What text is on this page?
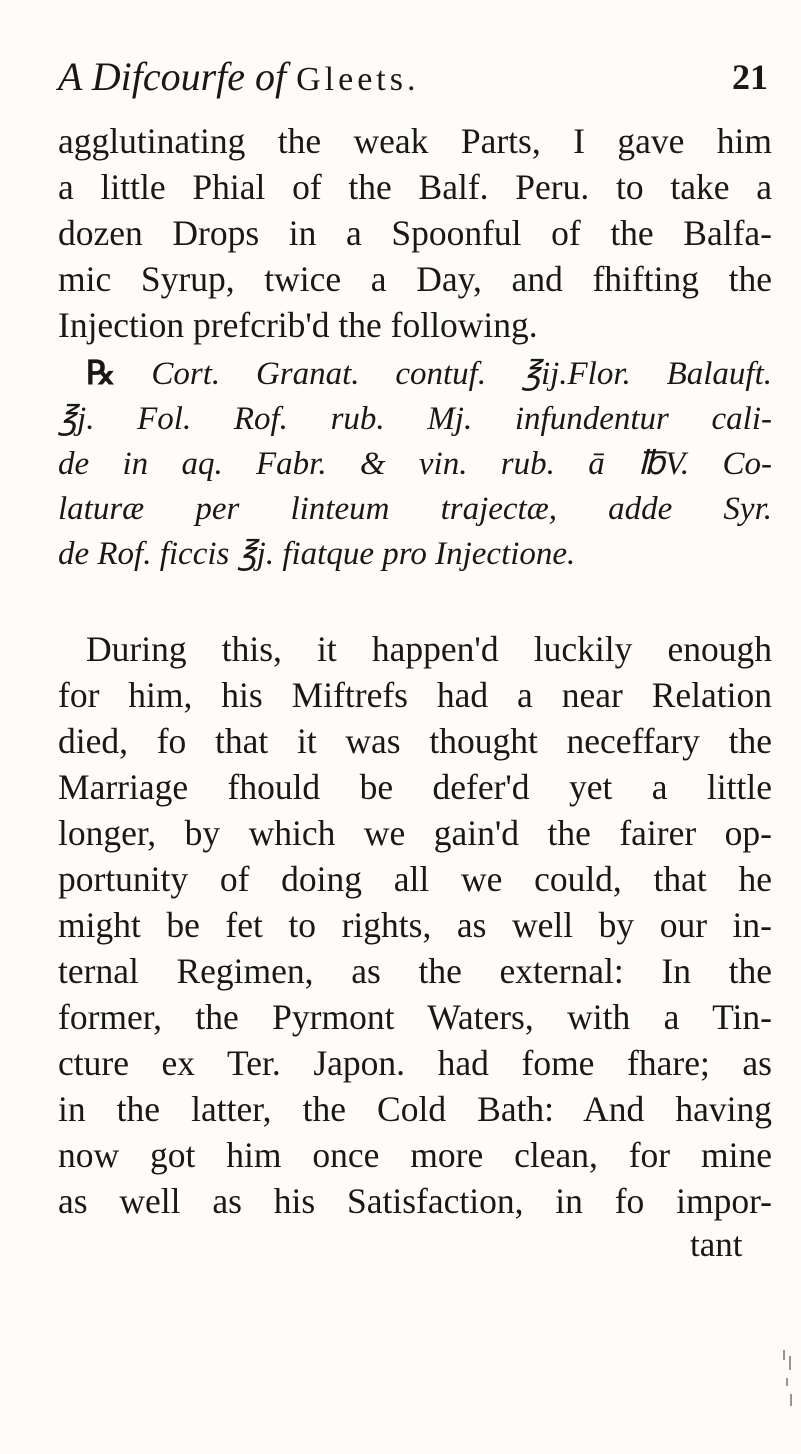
A Difcourfe of Gleets.	21
agglutinating the weak Parts, I gave him
a little Phial of the Balf. Peru. to take a
dozen Drops in a Spoonful of the Balfa-
mic Syrup, twice a Day, and fhifting the
Injection prefcrib'd the following.
℞ Cort. Granat. contuf. ℥ij.Flor. Balauft.
℥j. Fol. Rof. rub. Mj. infundentur cali-
de in aq. Fabr. & vin. rub. ā ℔V. Co-
laturæ per linteum trajectæ, adde Syr.
de Rof. ficcis ℥j. fiatque pro Injectione.
During this, it happen'd luckily enough
for him, his Miftrefs had a near Relation
died, fo that it was thought neceffary the
Marriage fhould be defer'd yet a little
longer, by which we gain'd the fairer op-
portunity of doing all we could, that he
might be fet to rights, as well by our in-
ternal Regimen, as the external: In the
former, the Pyrmont Waters, with a Tin-
cture ex Ter. Japon. had fome fhare; as
in the latter, the Cold Bath: And having
now got him once more clean, for mine
as well as his Satisfaction, in fo impor-
tant
